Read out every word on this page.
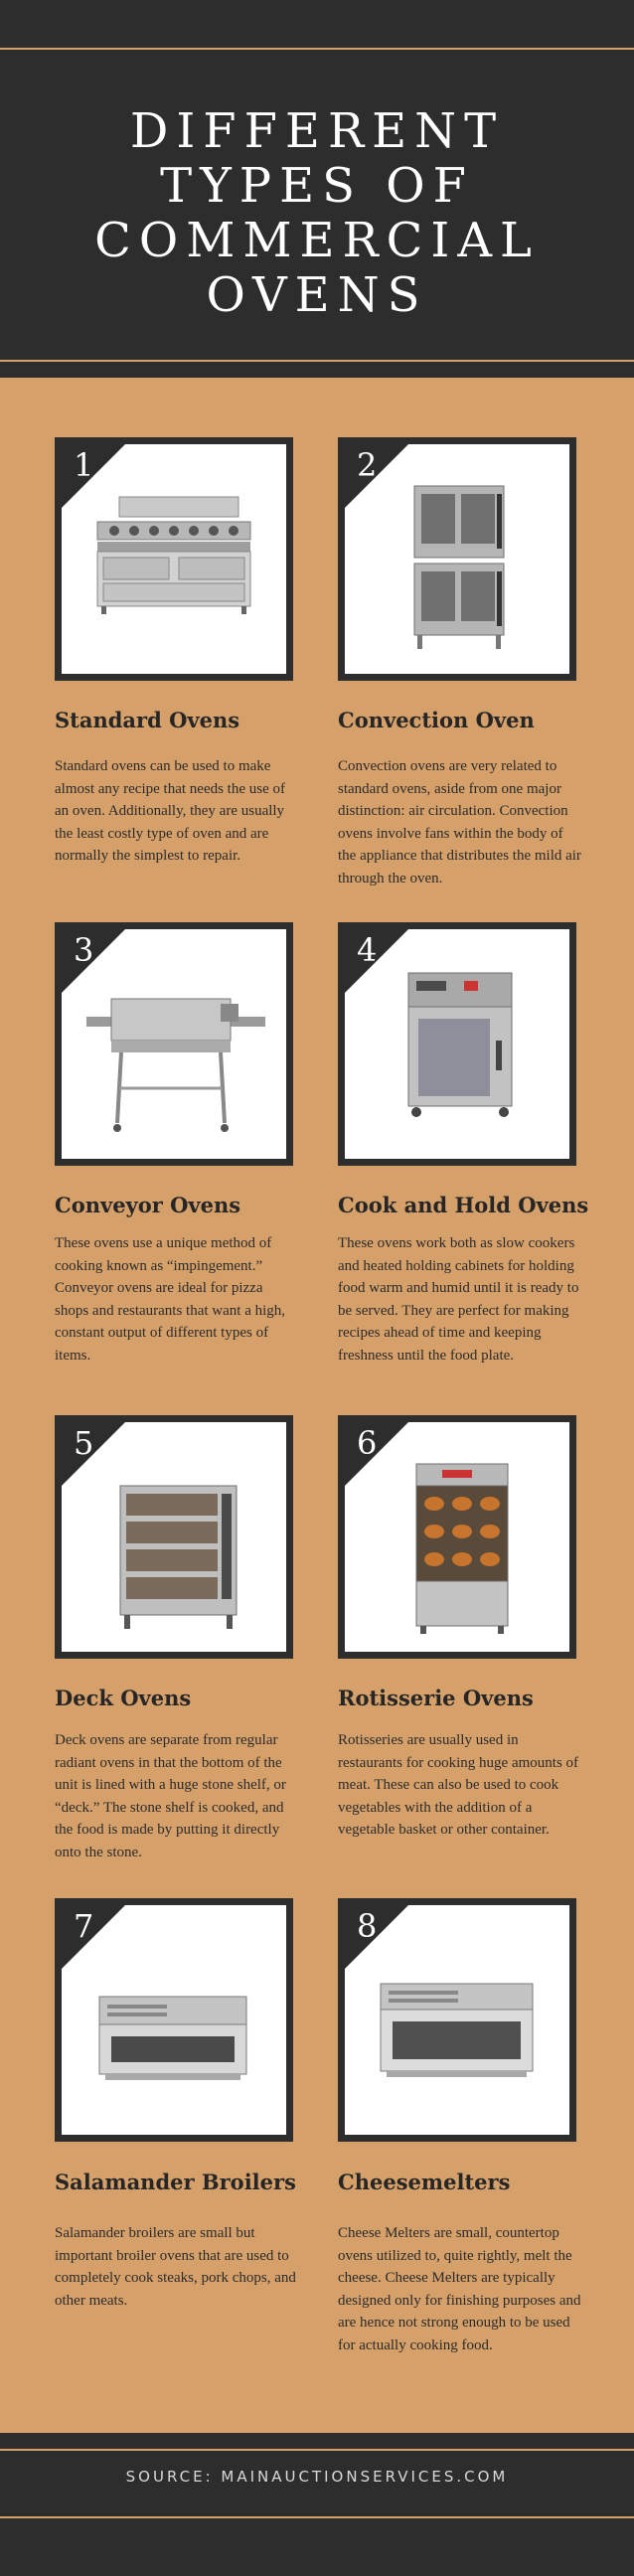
DIFFERENT
TYPES OF
COMMERCIAL
OVENS
1
Standard Ovens
Standard ovens can be used to make almost any recipe that needs the use of an oven. Additionally, they are usually the least costly type of oven and are normally the simplest to repair.
2
Convection Oven
Convection ovens are very related to standard ovens, aside from one major distinction: air circulation. Convection ovens involve fans within the body of the appliance that distributes the mild air through the oven.
3
Conveyor Ovens
These ovens use a unique method of cooking known as “impingement.” Conveyor ovens are ideal for pizza shops and restaurants that want a high, constant output of different types of items.
4
Cook and Hold Ovens
These ovens work both as slow cookers and heated holding cabinets for holding food warm and humid until it is ready to be served. They are perfect for making recipes ahead of time and keeping freshness until the food plate.
5
Deck Ovens
Deck ovens are separate from regular radiant ovens in that the bottom of the unit is lined with a huge stone shelf, or “deck.” The stone shelf is cooked, and the food is made by putting it directly onto the stone.
6
Rotisserie Ovens
Rotisseries are usually used in restaurants for cooking huge amounts of meat. These can also be used to cook vegetables with the addition of a vegetable basket or other container.
7
Salamander Broilers
Salamander broilers are small but important broiler ovens that are used to completely cook steaks, pork chops, and other meats.
8
Cheesemelters
Cheese Melters are small, countertop ovens utilized to, quite rightly, melt the cheese. Cheese Melters are typically designed only for finishing purposes and are hence not strong enough to be used for actually cooking food.
SOURCE: MAINAUCTIONSERVICES.COM
